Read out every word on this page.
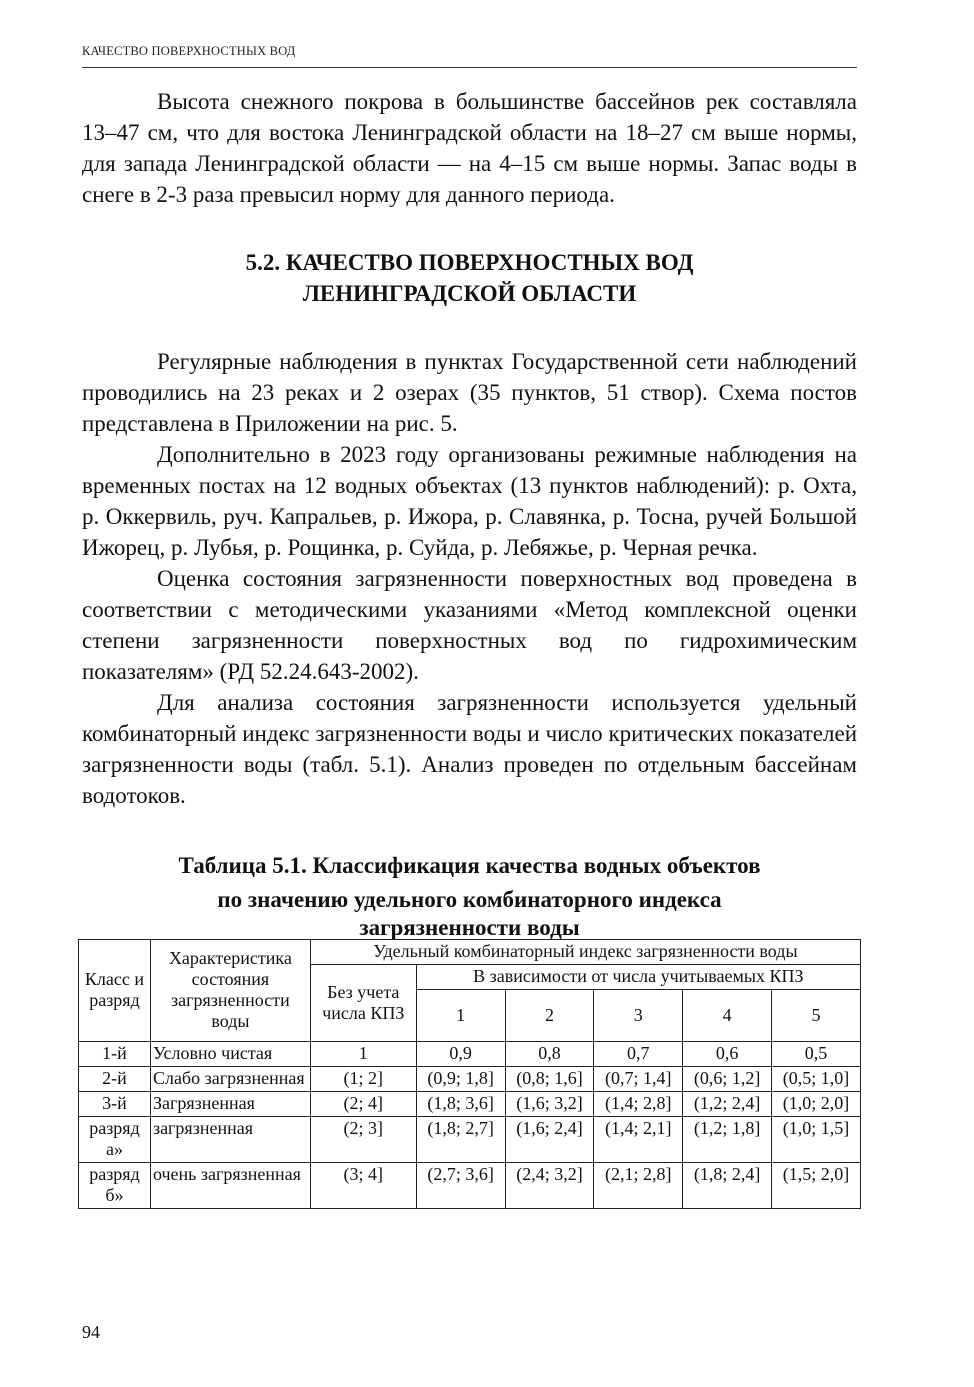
КАЧЕСТВО ПОВЕРХНОСТНЫХ ВОД

Высота снежного покрова в большинстве бассейнов рек составляла 13–47 см, что для востока Ленинградской области на 18–27 см выше нормы, для запада Ленинградской области — на 4–15 см выше нормы. Запас воды в снеге в 2-3 раза превысил норму для данного периода.

5.2. КАЧЕСТВО ПОВЕРХНОСТНЫХ ВОД
ЛЕНИНГРАДСКОЙ ОБЛАСТИ

Регулярные наблюдения в пунктах Государственной сети наблюдений проводились на 23 реках и 2 озерах (35 пунктов, 51 створ). Схема постов представлена в Приложении на рис. 5.

Дополнительно в 2023 году организованы режимные наблюдения на временных постах на 12 водных объектах (13 пунктов наблюдений): р. Охта, р. Оккервиль, руч. Капральев, р. Ижора, р. Славянка, р. Тосна, ручей Большой Ижорец, р. Лубья, р. Рощинка, р. Суйда, р. Лебяжье, р. Черная речка.

Оценка состояния загрязненности поверхностных вод проведена в соответствии с методическими указаниями «Метод комплексной оценки степени загрязненности поверхностных вод по гидрохимическим показателям» (РД 52.24.643-2002).

Для анализа состояния загрязненности используется удельный комбинаторный индекс загрязненности воды и число критических показателей загрязненности воды (табл. 5.1). Анализ проведен по отдельным бассейнам водотоков.

Таблица 5.1. Классификация качества водных объектов
по значению удельного комбинаторного индекса
загрязненности воды
Класс и разряд	Характеристика состояния загрязненности воды	Удельный комбинаторный индекс загрязненности воды					
		Без учета числа КПЗ	В зависимости от числа учитываемых КПЗ				
			1	2	3	4	5
1-й	Условно чистая	1	0,9	0,8	0,7	0,6	0,5
2-й	Слабо загрязненная	(1; 2]	(0,9; 1,8]	(0,8; 1,6]	(0,7; 1,4]	(0,6; 1,2]	(0,5; 1,0]
3-й	Загрязненная	(2; 4]	(1,8; 3,6]	(1,6; 3,2]	(1,4; 2,8]	(1,2; 2,4]	(1,0; 2,0]
разряд а»	загрязненная	(2; 3]	(1,8; 2,7]	(1,6; 2,4]	(1,4; 2,1]	(1,2; 1,8]	(1,0; 1,5]
разряд б»	очень загрязненная	(3; 4]	(2,7; 3,6]	(2,4; 3,2]	(2,1; 2,8]	(1,8; 2,4]	(1,5; 2,0]
94
